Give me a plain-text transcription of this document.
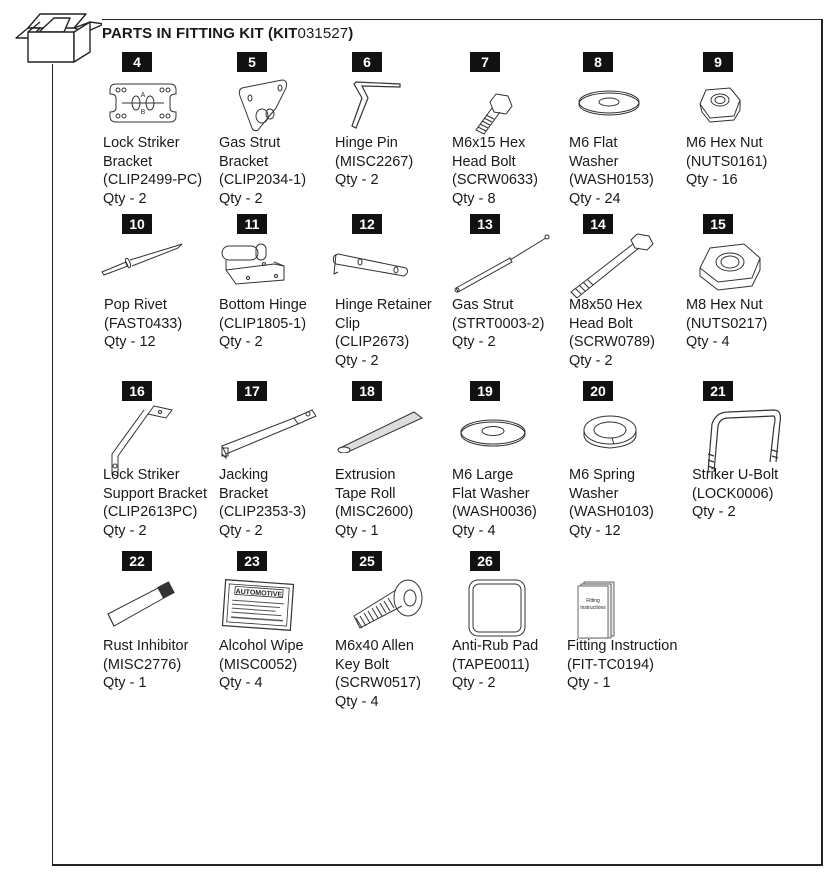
PARTS IN FITTING KIT (KIT031527)
4
A
B
Lock Striker
Bracket
(CLIP2499-PC)
Qty - 2
5
Gas Strut
Bracket
(CLIP2034-1)
Qty - 2
6
Hinge Pin
(MISC2267)
Qty - 2
7
M6x15 Hex
Head Bolt
(SCRW0633)
Qty - 8
8
M6 Flat
Washer
(WASH0153)
Qty - 24
9
M6 Hex Nut
(NUTS0161)
Qty - 16
10
Pop Rivet
(FAST0433)
Qty - 12
11
Bottom Hinge
(CLIP1805-1)
Qty - 2
12
Hinge Retainer
Clip
(CLIP2673)
Qty - 2
13
Gas Strut
(STRT0003-2)
Qty - 2
14
M8x50 Hex
Head Bolt
(SCRW0789)
Qty - 2
15
M8 Hex Nut
(NUTS0217)
Qty - 4
16
Lock Striker
Support Bracket
(CLIP2613PC)
Qty - 2
17
Jacking
Bracket
(CLIP2353-3)
Qty - 2
18
Extrusion
Tape Roll
(MISC2600)
Qty - 1
19
M6 Large
Flat Washer
(WASH0036)
Qty - 4
20
M6 Spring
Washer
(WASH0103)
Qty - 12
21
Striker U-Bolt
(LOCK0006)
Qty - 2
22
Rust Inhibitor
(MISC2776)
Qty - 1
23
AUTOMOTIVE
Alcohol Wipe
(MISC0052)
Qty - 4
25
M6x40 Allen
Key Bolt
(SCRW0517)
Qty - 4
26
Anti-Rub Pad
(TAPE0011)
Qty - 2
Fitting
Instructions
Fitting Instruction
(FIT-TC0194)
Qty - 1
